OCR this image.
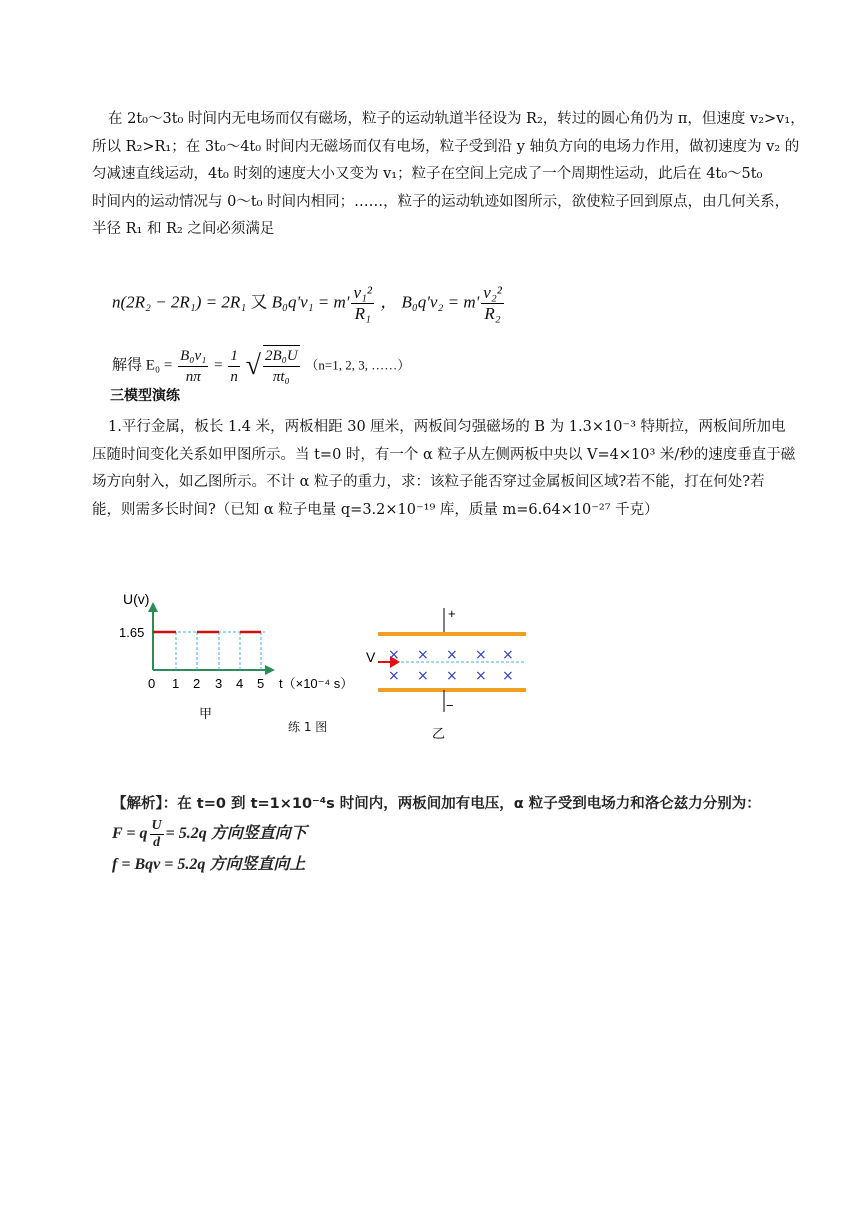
在 2t₀～3t₀ 时间内无电场而仅有磁场，粒子的运动轨道半径设为 R₂，转过的圆心角仍为 π，但速度 v₂>v₁，
所以 R₂>R₁；在 3t₀～4t₀ 时间内无磁场而仅有电场，粒子受到沿 y 轴负方向的电场力作用，做初速度为 v₂ 的
匀减速直线运动，4t₀ 时刻的速度大小又变为 v₁；粒子在空间上完成了一个周期性运动，此后在 4t₀～5t₀
时间内的运动情况与 0～t₀ 时间内相同；……，粒子的运动轨迹如图所示，欲使粒子回到原点，由几何关系，
半径 R₁ 和 R₂ 之间必须满足
n(2R₂ − 2R₁) = 2R₁ 又 $B_0q'v_1 = m' \frac{\text{v₁²}}{\text{R₁}}$ ， $B_0q'v_2 = m' \frac{\text{v₂²}}{\text{R₂}}$
解得 $E_0 = \frac{\text{B₀v₁}}{n\pi} = \frac{1}{n}$ √ $\frac{\text{2B₀U}}{\text{πt₀}} (n=1$, 2, 3, ……）
三模型演练
1.平行金属，板长 1.4 米，两板相距 30 厘米，两板间匀强磁场的 B 为 1.3×10⁻³ 特斯拉，两板间所加电
压随时间变化关系如甲图所示。当 t=0 时，有一个 α 粒子从左侧两板中央以 V=4×10³ 米/秒的速度垂直于磁
场方向射入，如乙图所示。不计 α 粒子的重力，求：该粒子能否穿过金属板间区域?若不能，打在何处?若
能，则需多长时间?（已知 α 粒子电量 q=3.2×10⁻¹⁹ 库，质量 m=6.64×10⁻²⁷ 千克）
U(v)
1.65
0 1 2 3 4 5 t（×10⁻⁴ s）
甲
练 1 图
+
−
V × × × × ×
× × × × ×
乙
【解析】：在 t=0 到 t=1×10⁻⁴s 时间内，两板间加有电压，α 粒子受到电场力和洛仑兹力分别为：
F = q $\frac{U}{d} = 5.2q$ 方向竖直向下
f = Bqv = 5.2q 方向竖直向上
